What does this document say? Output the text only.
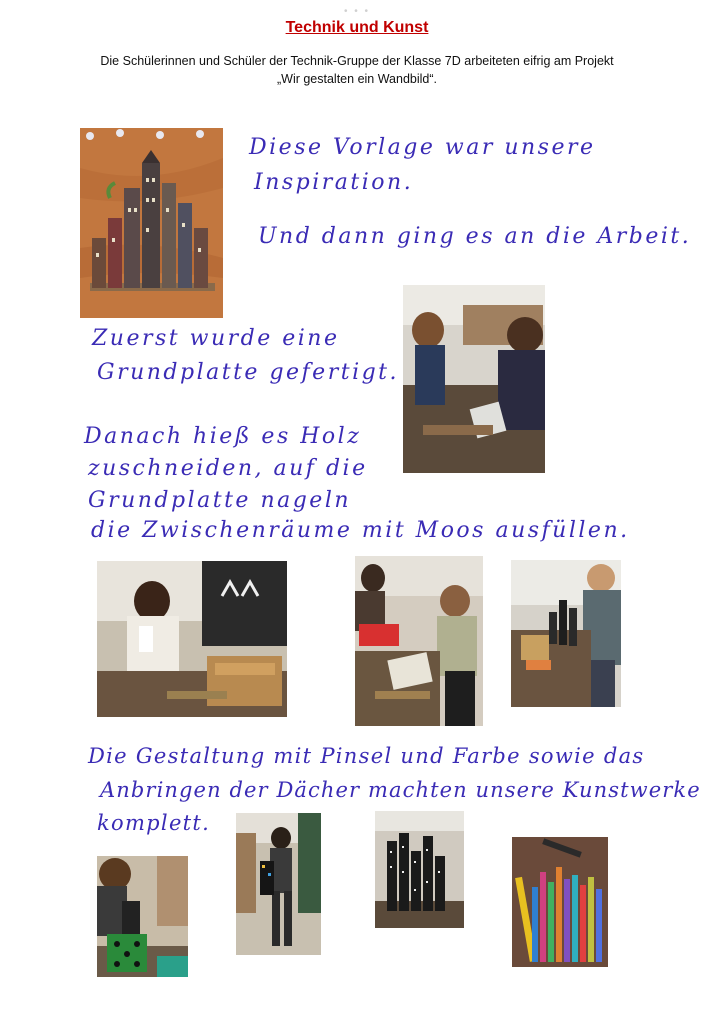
• • •
Technik und Kunst
Die Schülerinnen und Schüler der Technik-Gruppe der Klasse 7D arbeiteten eifrig am Projekt
„Wir gestalten ein Wandbild“.
Diese Vorlage war unsere
Inspiration.
Und dann ging es an die Arbeit.
Zuerst wurde eine
Grundplatte gefertigt.
Danach hieß es Holz
zuschneiden, auf die
Grundplatte nageln
die Zwischenräume mit Moos ausfüllen.
Die Gestaltung mit Pinsel und Farbe sowie das
Anbringen der Dächer machten unsere Kunstwerke
komplett.
